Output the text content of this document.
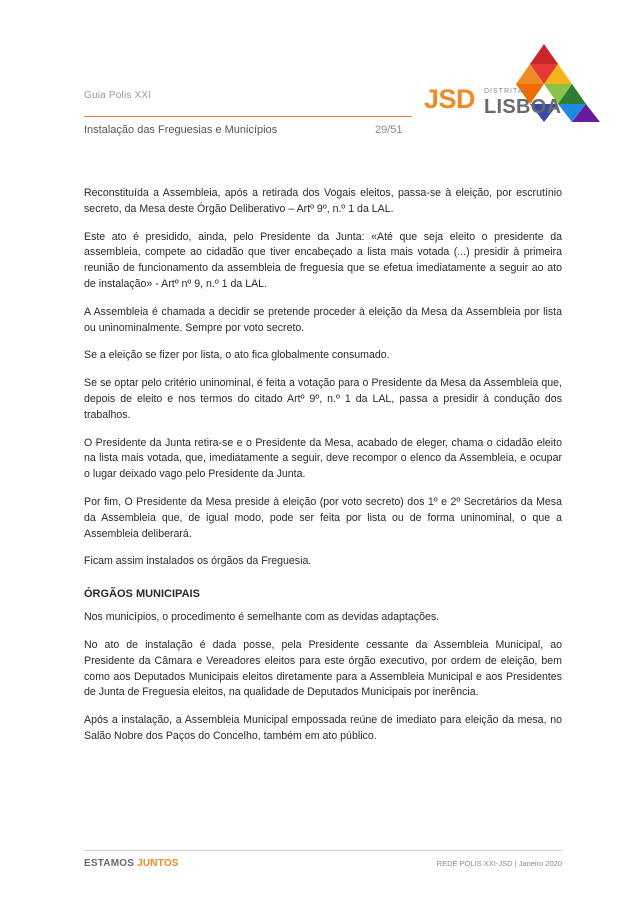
Guia Polis XXI
Instalação das Freguesias e Municípios	29/51
JSD DISTRITAL
LISBOA

Reconstituída a Assembleia, após a retirada dos Vogais eleitos, passa-se à eleição, por escrutínio secreto, da Mesa deste Órgão Deliberativo – Artº 9º, n.º 1 da LAL.

Este ato é presidido, ainda, pelo Presidente da Junta: «Até que seja eleito o presidente da assembleia, compete ao cidadão que tiver encabeçado a lista mais votada (...) presidir à primeira reunião de funcionamento da assembleia de freguesia que se efetua imediatamente a seguir ao ato de instalação» - Artº nº 9, n.º 1 da LAL.

A Assembleia é chamada a decidir se pretende proceder à eleição da Mesa da Assembleia por lista ou uninominalmente. Sempre por voto secreto.

Se a eleição se fizer por lista, o ato fica globalmente consumado.

Se se optar pelo critério uninominal, é feita a votação para o Presidente da Mesa da Assembleia que, depois de eleito e nos termos do citado Artº 9º, n.º 1 da LAL, passa a presidir à condução dos trabalhos.

O Presidente da Junta retira-se e o Presidente da Mesa, acabado de eleger, chama o cidadão eleito na lista mais votada, que, imediatamente a seguir, deve recompor o elenco da Assembleia, e ocupar o lugar deixado vago pelo Presidente da Junta.

Por fim, O Presidente da Mesa preside à eleição (por voto secreto) dos 1º e 2º Secretários da Mesa da Assembleia que, de igual modo, pode ser feita por lista ou de forma uninominal, o que a Assembleia deliberará.

Ficam assim instalados os órgãos da Freguesia.

ÓRGÃOS MUNICIPAIS

Nos municípios, o procedimento é semelhante com as devidas adaptações.

No ato de instalação é dada posse, pela Presidente cessante da Assembleia Municipal, ao Presidente da Câmara e Vereadores eleitos para este órgão executivo, por ordem de eleição, bem como aos Deputados Municipais eleitos diretamente para a Assembleia Municipal e aos Presidentes de Junta de Freguesia eleitos, na qualidade de Deputados Municipais por inerência.

Após a instalação, a Assembleia Municipal empossada reúne de imediato para eleição da mesa, no Salão Nobre dos Paços do Concelho, também em ato público.

ESTAMOS JUNTOS	REDE POLIS XXI-JSD | Janeiro 2020
